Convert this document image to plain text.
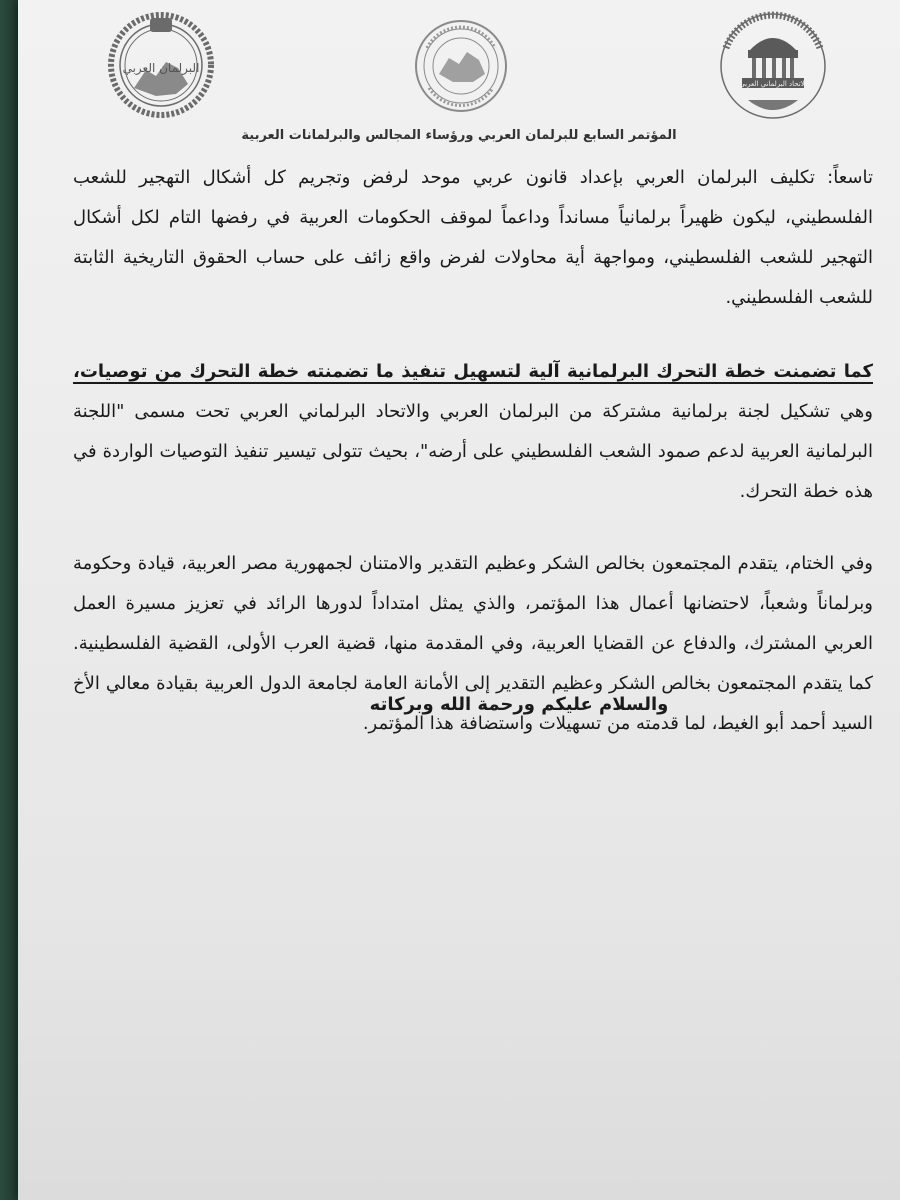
البرلمان العربي
الاتحاد البرلماني العربي
المؤتمر السابع للبرلمان العربي ورؤساء المجالس والبرلمانات العربية

تاسعاً: تكليف البرلمان العربي بإعداد قانون عربي موحد لرفض وتجريم كل أشكال التهجير للشعب الفلسطيني، ليكون ظهيراً برلمانياً مسانداً وداعماً لموقف الحكومات العربية في رفضها التام لكل أشكال التهجير للشعب الفلسطيني، ومواجهة أية محاولات لفرض واقع زائف على حساب الحقوق التاريخية الثابتة للشعب الفلسطيني.

كما تضمنت خطة التحرك البرلمانية آلية لتسهيل تنفيذ ما تضمنته خطة التحرك من توصيات، وهي تشكيل لجنة برلمانية مشتركة من البرلمان العربي والاتحاد البرلماني العربي تحت مسمى "اللجنة البرلمانية العربية لدعم صمود الشعب الفلسطيني على أرضه"، بحيث تتولى تيسير تنفيذ التوصيات الواردة في هذه خطة التحرك.

وفي الختام، يتقدم المجتمعون بخالص الشكر وعظيم التقدير والامتنان لجمهورية مصر العربية، قيادة وحكومة وبرلماناً وشعباً، لاحتضانها أعمال هذا المؤتمر، والذي يمثل امتداداً لدورها الرائد في تعزيز مسيرة العمل العربي المشترك، والدفاع عن القضايا العربية، وفي المقدمة منها، قضية العرب الأولى، القضية الفلسطينية. كما يتقدم المجتمعون بخالص الشكر وعظيم التقدير إلى الأمانة العامة لجامعة الدول العربية بقيادة معالي الأخ السيد أحمد أبو الغيط، لما قدمته من تسهيلات واستضافة هذا المؤتمر.

والسلام عليكم ورحمة الله وبركاته
